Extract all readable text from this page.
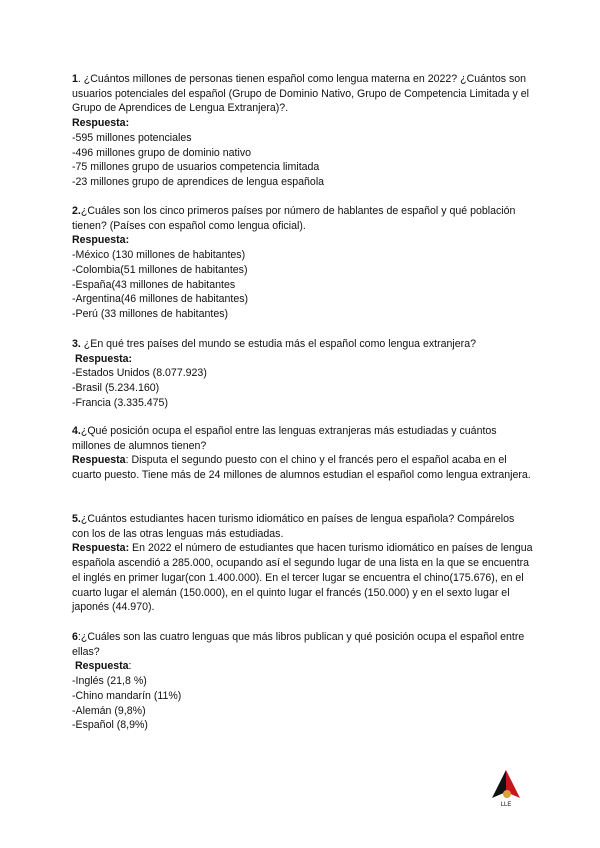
1. ¿Cuántos millones de personas tienen español como lengua materna en 2022? ¿Cuántos son usuarios potenciales del español (Grupo de Dominio Nativo, Grupo de Competencia Limitada y el Grupo de Aprendices de Lengua Extranjera)?.

Respuesta:

-595 millones potenciales

-496 millones grupo de dominio nativo

-75 millones grupo de usuarios competencia limitada

-23 millones grupo de aprendices de lengua española

2.¿Cuáles son los cinco primeros países por número de hablantes de español y qué población tienen? (Países con español como lengua oficial).

Respuesta:

-México (130 millones de habitantes)

-Colombia(51 millones de habitantes)

-España(43 millones de habitantes

-Argentina(46 millones de habitantes)

-Perú (33 millones de habitantes)

3. ¿En qué tres países del mundo se estudia más el español como lengua extranjera?

Respuesta:

-Estados Unidos (8.077.923)

-Brasil (5.234.160)

-Francia (3.335.475)

4.¿Qué posición ocupa el español entre las lenguas extranjeras más estudiadas y cuántos millones de alumnos tienen?

Respuesta: Disputa el segundo puesto con el chino y el francés pero el español acaba en el cuarto puesto. Tiene más de 24 millones de alumnos estudian el español como lengua extranjera.

5.¿Cuántos estudiantes hacen turismo idiomático en países de lengua española? Compárelos con los de las otras lenguas más estudiadas.

Respuesta: En 2022 el número de estudiantes que hacen turismo idiomático en países de lengua española ascendió a 285.000, ocupando así el segundo lugar de una lista en la que se encuentra el inglés en primer lugar(con 1.400.000). En el tercer lugar se encuentra el chino(175.676), en el cuarto lugar el alemán (150.000), en el quinto lugar el francés (150.000) y en el sexto lugar el japonés (44.970).

6:¿Cuáles son las cuatro lenguas que más libros publican y qué posición ocupa el español entre ellas?

Respuesta:

-Inglés (21,8 %)

-Chino mandarín (11%)

-Alemán (9,8%)

-Español (8,9%)

LLE
